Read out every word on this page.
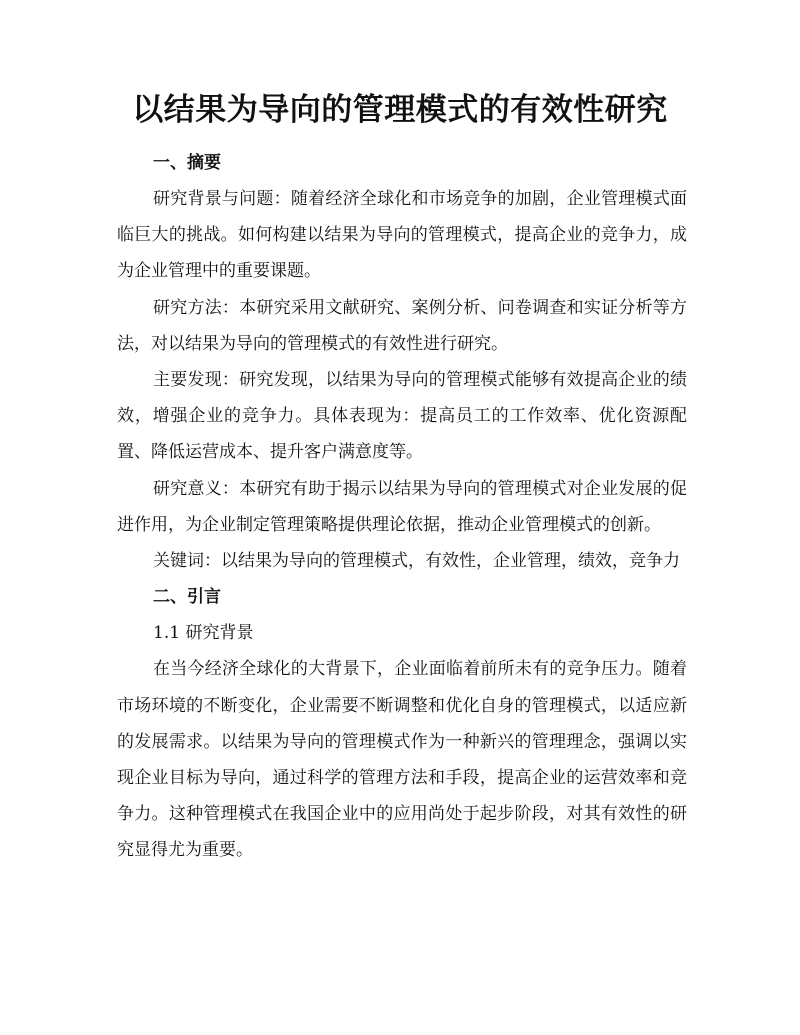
以结果为导向的管理模式的有效性研究
一、摘要

研究背景与问题：随着经济全球化和市场竞争的加剧，企业管理模式面临巨大的挑战。如何构建以结果为导向的管理模式，提高企业的竞争力，成为企业管理中的重要课题。

研究方法：本研究采用文献研究、案例分析、问卷调查和实证分析等方法，对以结果为导向的管理模式的有效性进行研究。

主要发现：研究发现，以结果为导向的管理模式能够有效提高企业的绩效，增强企业的竞争力。具体表现为：提高员工的工作效率、优化资源配置、降低运营成本、提升客户满意度等。

研究意义：本研究有助于揭示以结果为导向的管理模式对企业发展的促进作用，为企业制定管理策略提供理论依据，推动企业管理模式的创新。

关键词：以结果为导向的管理模式，有效性，企业管理，绩效，竞争力

二、引言
1.1 研究背景

在当今经济全球化的大背景下，企业面临着前所未有的竞争压力。随着市场环境的不断变化，企业需要不断调整和优化自身的管理模式，以适应新的发展需求。以结果为导向的管理模式作为一种新兴的管理理念，强调以实现企业目标为导向，通过科学的管理方法和手段，提高企业的运营效率和竞争力。这种管理模式在我国企业中的应用尚处于起步阶段，对其有效性的研究显得尤为重要。
